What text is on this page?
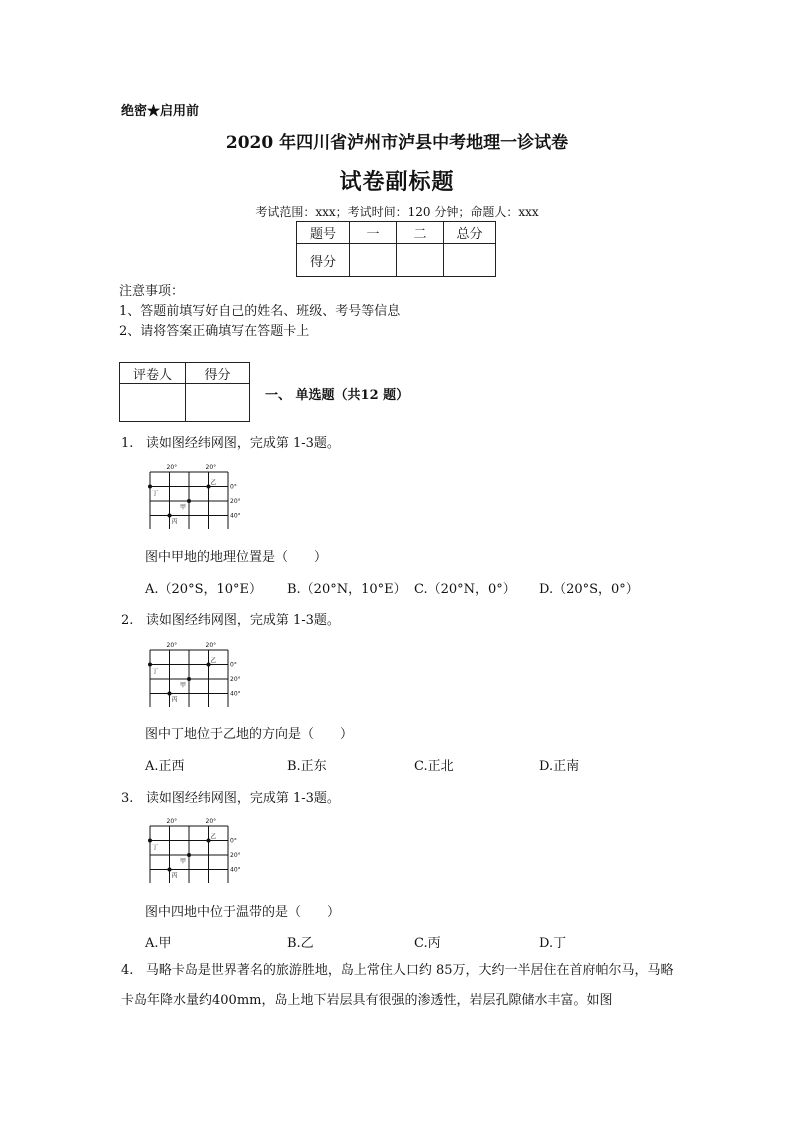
绝密★启用前
2020 年四川省泸州市泸县中考地理一诊试卷
试卷副标题
考试范围：xxx；考试时间：120 分钟；命题人：xxx
题号	一	二	总分
得分			
注意事项：
1、答题前填写好自己的姓名、班级、考号等信息
2、请将答案正确填写在答题卡上
评卷人	得分

一、 单选题（共12 题）
1. 读如图经纬网图，完成第 1-3题。
20°	20°
0°
20°
40°
丁
乙
甲
丙
图中甲地的地理位置是（　　）
A.（20°S，10°E） B.（20°N，10°E） C.（20°N，0°） D.（20°S，0°）
2. 读如图经纬网图，完成第 1-3题。
20°	20°
0°
20°
40°
丁
乙
甲
丙
图中丁地位于乙地的方向是（　　）
A.正西	B.正东	C.正北	D.正南
3. 读如图经纬网图，完成第 1-3题。
20°	20°
0°
20°
40°
丁
乙
甲
丙
图中四地中位于温带的是（　　）
A.甲	B.乙	C.丙	D.丁
4. 马略卡岛是世界著名的旅游胜地，岛上常住人口约 85万，大约一半居住在首府帕尔马，马略卡岛年降水量约400mm，岛上地下岩层具有很强的渗透性，岩层孔隙储水丰富。如图
